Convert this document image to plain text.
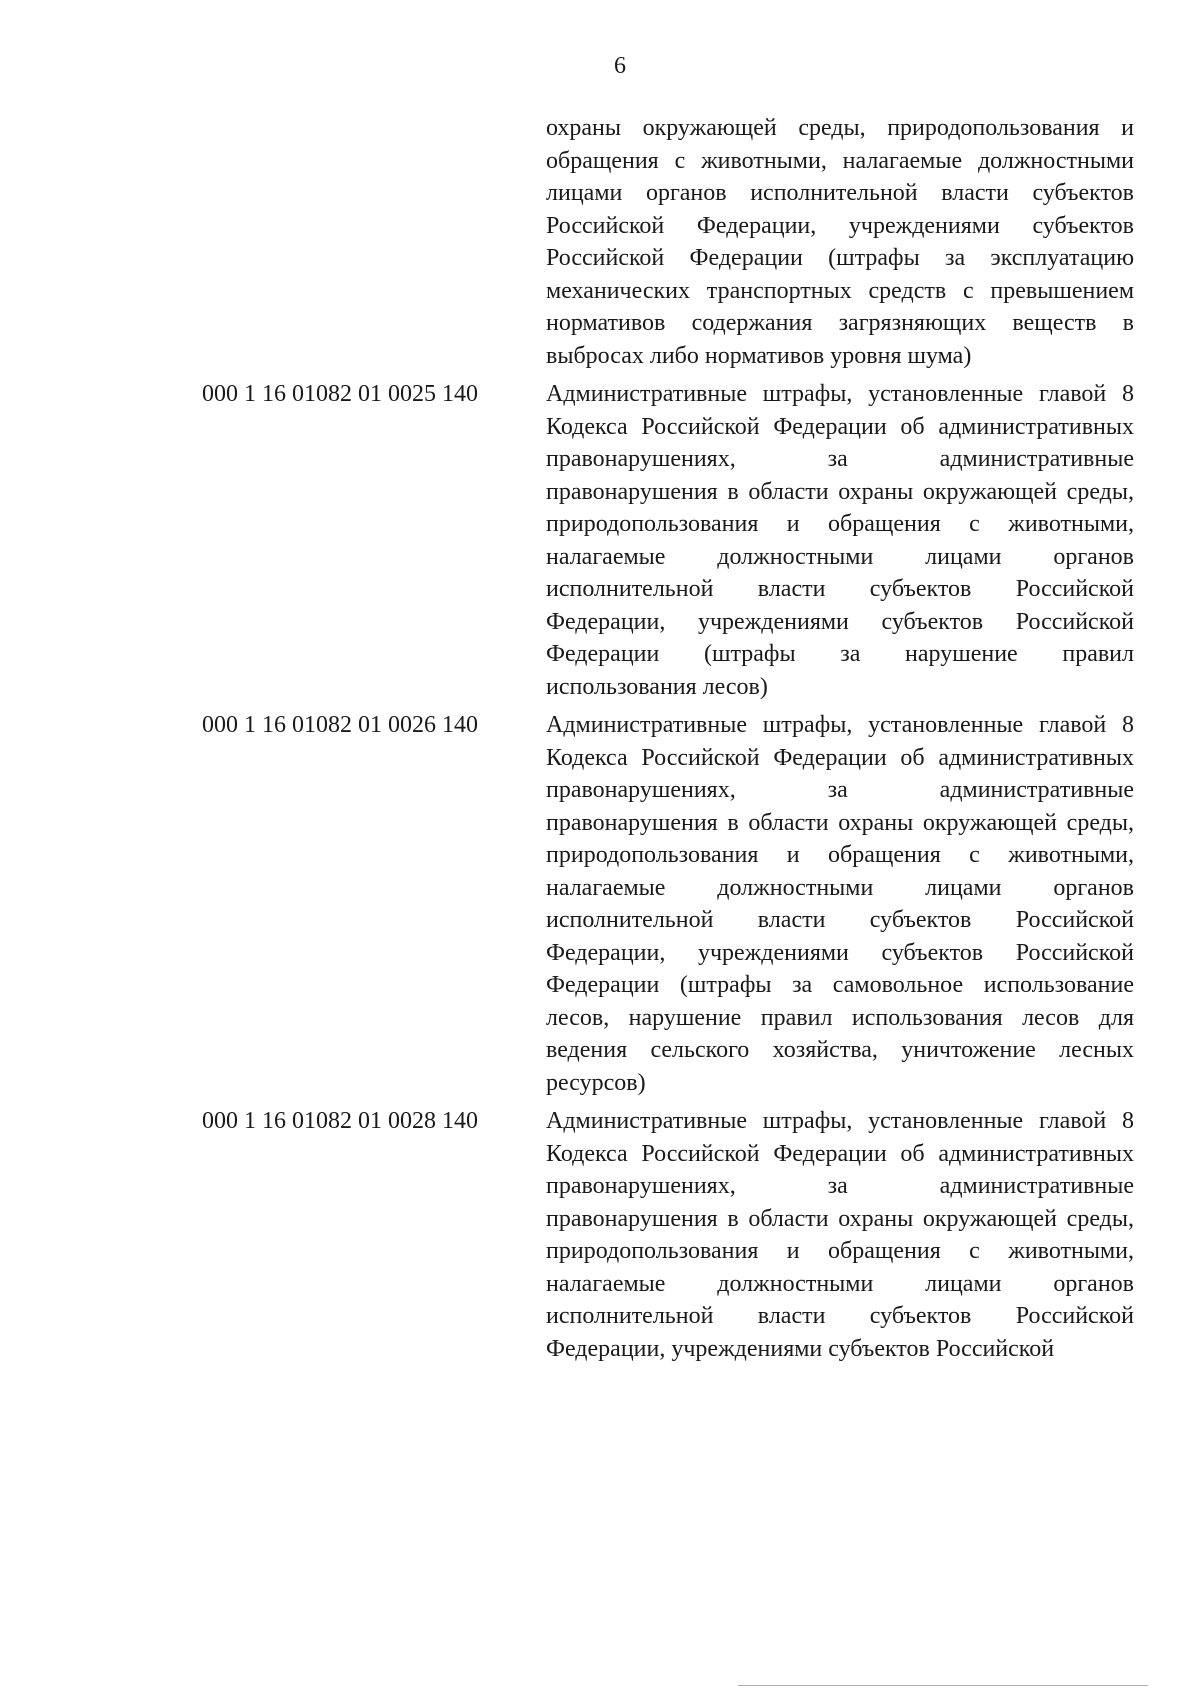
6
охраны окружающей среды, природопользования и обращения с животными, налагаемые должностными лицами органов исполнительной власти субъектов Российской Федерации, учреждениями субъектов Российской Федерации (штрафы за эксплуатацию механических транспортных средств с превышением нормативов содержания загрязняющих веществ в выбросах либо нормативов уровня шума)
000 1 16 01082 01 0025 140	Административные штрафы, установленные главой 8 Кодекса Российской Федерации об административных правонарушениях, за административные правонарушения в области охраны окружающей среды, природопользования и обращения с животными, налагаемые должностными лицами органов исполнительной власти субъектов Российской Федерации, учреждениями субъектов Российской Федерации (штрафы за нарушение правил использования лесов)
000 1 16 01082 01 0026 140	Административные штрафы, установленные главой 8 Кодекса Российской Федерации об административных правонарушениях, за административные правонарушения в области охраны окружающей среды, природопользования и обращения с животными, налагаемые должностными лицами органов исполнительной власти субъектов Российской Федерации, учреждениями субъектов Российской Федерации (штрафы за самовольное использование лесов, нарушение правил использования лесов для ведения сельского хозяйства, уничтожение лесных ресурсов)
000 1 16 01082 01 0028 140	Административные штрафы, установленные главой 8 Кодекса Российской Федерации об административных правонарушениях, за административные правонарушения в области охраны окружающей среды, природопользования и обращения с животными, налагаемые должностными лицами органов исполнительной власти субъектов Российской Федерации, учреждениями субъектов Российской
